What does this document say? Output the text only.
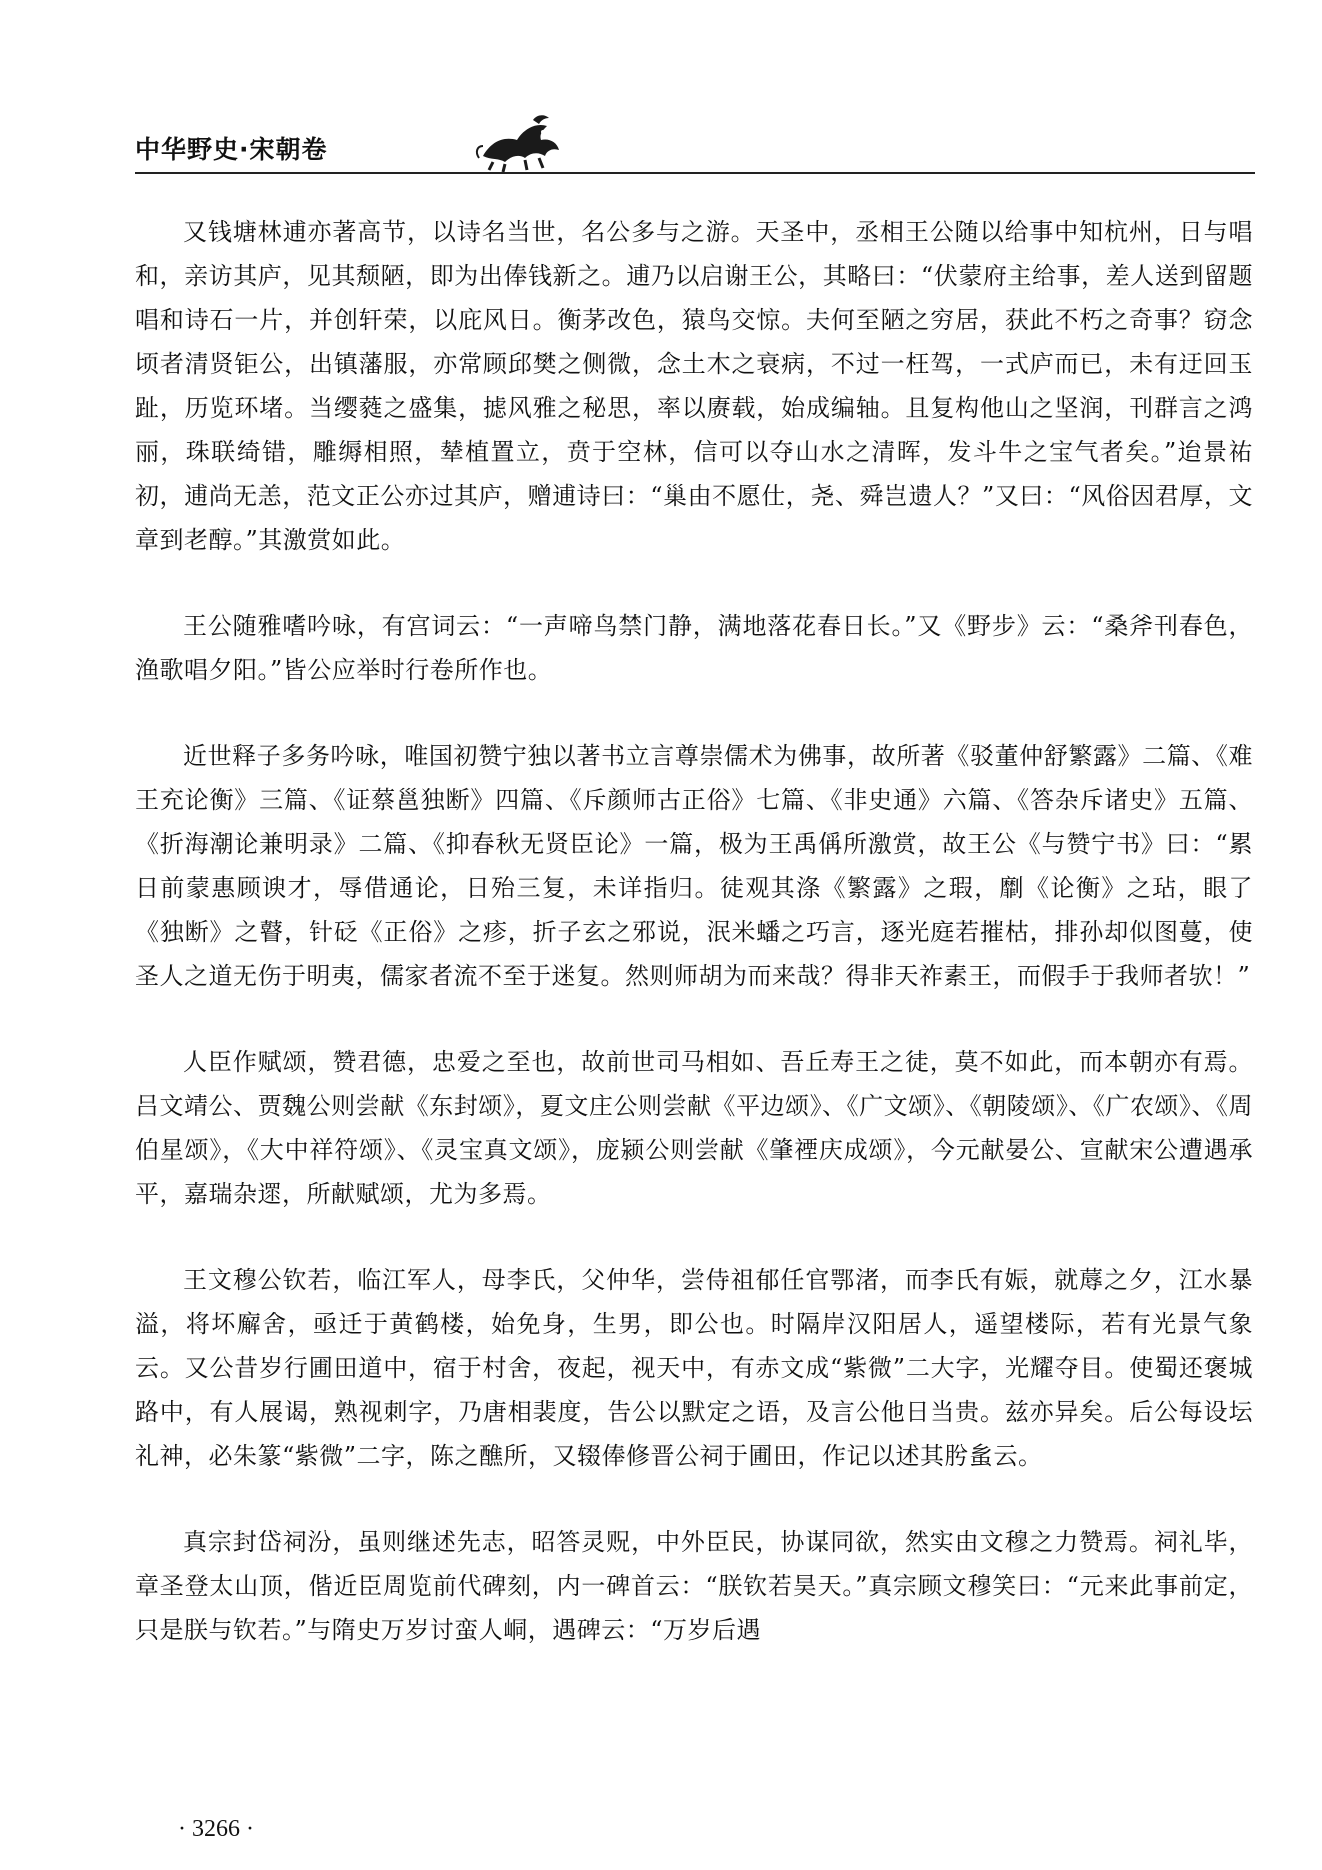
中华野史·宋朝卷

又钱塘林逋亦著高节，以诗名当世，名公多与之游。天圣中，丞相王公随以给事中知杭州，日与唱和，亲访其庐，见其颓陋，即为出俸钱新之。逋乃以启谢王公，其略曰：“伏蒙府主给事，差人送到留题唱和诗石一片，并创轩荣，以庇风日。衡茅改色，猿鸟交惊。夫何至陋之穷居，获此不朽之奇事？窃念顷者清贤钜公，出镇藩服，亦常顾邱樊之侧微，念土木之衰病，不过一枉驾，一式庐而已，未有迂回玉趾，历览环堵。当缨蕤之盛集，摅风雅之秘思，率以赓载，始成编轴。且复构他山之坚润，刊群言之鸿丽，珠联绮错，雕缛相照，辇植置立，贲于空林，信可以夺山水之清晖，发斗牛之宝气者矣。”迨景祐初，逋尚无恙，范文正公亦过其庐，赠逋诗曰：“巢由不愿仕，尧、舜岂遗人？”又曰：“风俗因君厚，文章到老醇。”其激赏如此。

王公随雅嗜吟咏，有宫词云：“一声啼鸟禁门静，满地落花春日长。”又《野步》云：“桑斧刊春色，渔歌唱夕阳。”皆公应举时行卷所作也。

近世释子多务吟咏，唯国初赞宁独以著书立言尊崇儒术为佛事，故所著《驳董仲舒繁露》二篇、《难王充论衡》三篇、《证蔡邕独断》四篇、《斥颜师古正俗》七篇、《非史通》六篇、《答杂斥诸史》五篇、《折海潮论兼明录》二篇、《抑春秋无贤臣论》一篇，极为王禹偁所激赏，故王公《与赞宁书》曰：“累日前蒙惠顾谀才，辱借通论，日殆三复，未详指归。徒观其涤《繁露》之瑕，劘《论衡》之玷，眼了《独断》之瞽，针砭《正俗》之疹，折子玄之邪说，泯米蟠之巧言，逐光庭若摧枯，排孙却似图蔓，使圣人之道无伤于明夷，儒家者流不至于迷复。然则师胡为而来哉？得非天祚素王，而假手于我师者欤！”

人臣作赋颂，赞君德，忠爱之至也，故前世司马相如、吾丘寿王之徒，莫不如此，而本朝亦有焉。吕文靖公、贾魏公则尝献《东封颂》，夏文庄公则尝献《平边颂》、《广文颂》、《朝陵颂》、《广农颂》、《周伯星颂》，《大中祥符颂》、《灵宝真文颂》，庞颍公则尝献《肇禋庆成颂》，今元献晏公、宣献宋公遭遇承平，嘉瑞杂遝，所献赋颂，尤为多焉。

王文穆公钦若，临江军人，母李氏，父仲华，尝侍祖郁任官鄂渚，而李氏有娠，就蓐之夕，江水暴溢，将坏廨舍，亟迁于黄鹤楼，始免身，生男，即公也。时隔岸汉阳居人，遥望楼际，若有光景气象云。又公昔岁行圃田道中，宿于村舍，夜起，视天中，有赤文成“紫微”二大字，光耀夺目。使蜀还褒城路中，有人展谒，熟视刺字，乃唐相裴度，告公以默定之语，及言公他日当贵。兹亦异矣。后公每设坛礼神，必朱篆“紫微”二字，陈之醮所，又辍俸修晋公祠于圃田，作记以述其肹蚃云。

真宗封岱祠汾，虽则继述先志，昭答灵贶，中外臣民，协谋同欲，然实由文穆之力赞焉。祠礼毕，章圣登太山顶，偕近臣周览前代碑刻，内一碑首云：“朕钦若昊天。”真宗顾文穆笑曰：“元来此事前定，只是朕与钦若。”与隋史万岁讨蛮人峒，遇碑云：“万岁后遇

· 3266 ·
